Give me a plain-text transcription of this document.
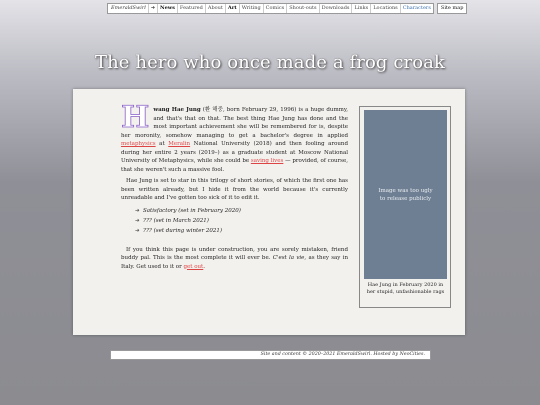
EmeraldSwirl	➜	News	Featured	About	Art	Writing	Comics	Shout-outs	Downloads	Links	Locations	Characters	Site map
The hero who once made a frog croak

Hwang Hae Jung (환 해중, born February 29, 1996) is a huge dummy, and that's that on that. The best thing Hae Jung has done and the most important achievement she will be remembered for is, despite her moronity, somehow managing to get a bachelor's degree in applied metaphysics at Meralin National University (2018) and then fooling around during her entire 2 years (2019–) as a graduate student at Moscow National University of Metaphysics, while she could be saving lives — provided, of course, that she weren't such a massive fool.

Hae Jung is set to star in this trilogy of short stories, of which the first one has been written already, but I hide it from the world because it's currently unreadable and I've gotten too sick of it to edit it.

➜ Satisfactory (set in February 2020)
➜ ??? (set in March 2021)
➜ ??? (set during winter 2021)

If you think this page is under construction, you are sorely mistaken, friend buddy pal. This is the most complete it will ever be. C'est la vie, as they say in Italy. Get used to it or get out.

Image was too ugly to release publicly
Hae Jung in February 2020 in her stupid, unfashionable rags
Site and content © 2020–2021 EmeraldSwirl. Hosted by NeoCities.
